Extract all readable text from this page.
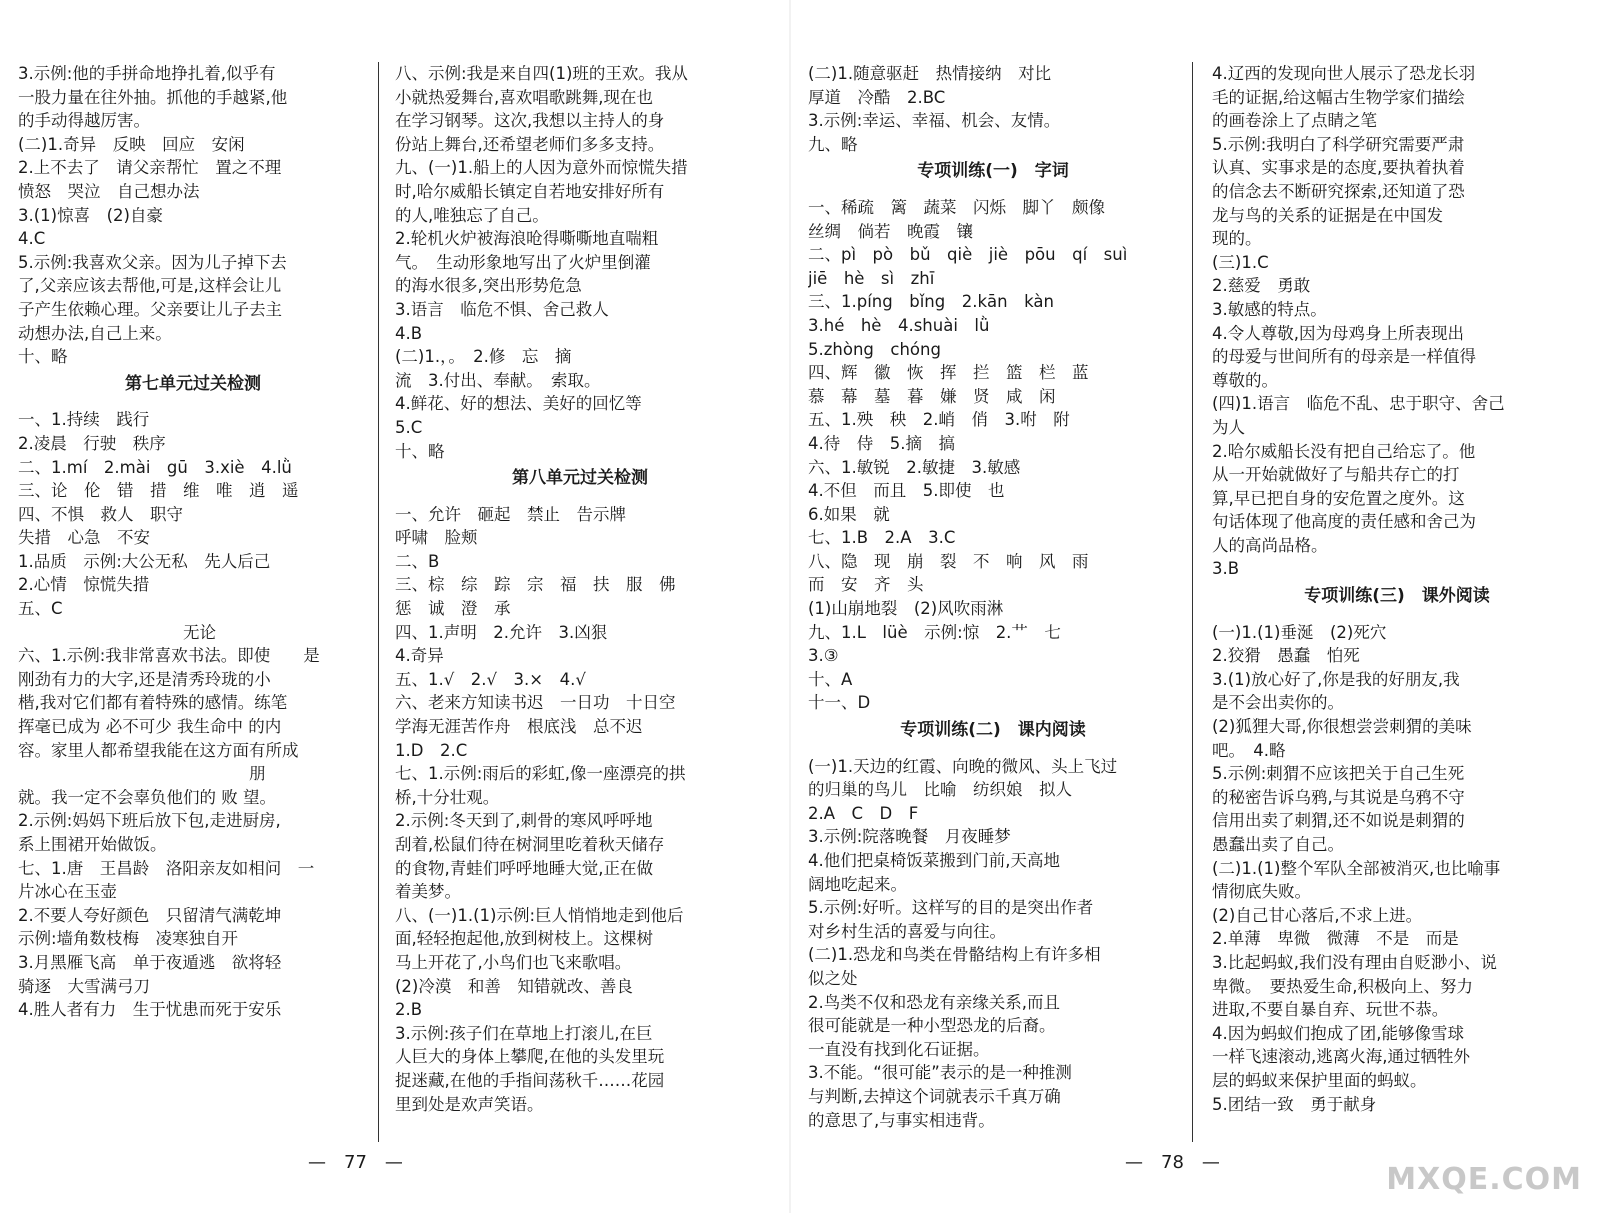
3.示例:他的手拼命地挣扎着,似乎有
一股力量在往外抽。抓他的手越紧,他
的手动得越厉害。
(二)1.奇异　反映　回应　安闲
2.上不去了　请父亲帮忙　置之不理
愤怒　哭泣　自己想办法
3.(1)惊喜　(2)自豪
4.C
5.示例:我喜欢父亲。因为儿子掉下去
了,父亲应该去帮他,可是,这样会让儿
子产生依赖心理。父亲要让儿子去主
动想办法,自己上来。
十、略
第七单元过关检测
一、1.持续　践行
2.凌晨　行驶　秩序
二、1.mí　2.mài　gū　3.xiè　4.lǜ
三、论　伦　错　措　维　唯　逍　遥
四、不惧　救人　职守
失措　心急　不安
1.品质　示例:大公无私　先人后己
2.心情　惊慌失措
五、C
　　　　　　　　　　无论
六、1.示例:我非常喜欢书法。即使　　是
刚劲有力的大字,还是清秀玲珑的小
楷,我对它们都有着特殊的感情。练笔
挥毫已成为 必不可少 我生命中 的内
容。家里人都希望我能在这方面有所成
　　　　　　　　　　　　　　朋
就。我一定不会辜负他们的 败 望。
2.示例:妈妈下班后放下包,走进厨房,
系上围裙开始做饭。
七、1.唐　王昌龄　洛阳亲友如相问　一
片冰心在玉壶
2.不要人夸好颜色　只留清气满乾坤
示例:墙角数枝梅　凌寒独自开
3.月黑雁飞高　单于夜遁逃　欲将轻
骑逐　大雪满弓刀
4.胜人者有力　生于忧患而死于安乐
八、示例:我是来自四(1)班的王欢。我从
小就热爱舞台,喜欢唱歌跳舞,现在也
在学习钢琴。这次,我想以主持人的身
份站上舞台,还希望老师们多多支持。
九、(一)1.船上的人因为意外而惊慌失措
时,哈尔威船长镇定自若地安排好所有
的人,唯独忘了自己。
2.轮机火炉被海浪呛得嘶嘶地直喘粗
气。　生动形象地写出了火炉里倒灌
的海水很多,突出形势危急
3.语言　临危不惧、舍己救人
4.B
(二)1.，。　2.修　忘　摘
流　3.付出、奉献。　索取。
4.鲜花、好的想法、美好的回忆等
5.C
十、略
第八单元过关检测
一、允许　砸起　禁止　告示牌
呼啸　脸颊
二、B
三、棕　综　踪　宗　福　扶　服　佛
惩　诚　澄　承
四、1.声明　2.允许　3.凶狠
4.奇异
五、1.√　2.√　3.×　4.√
六、老来方知读书迟　一日功　十日空
学海无涯苦作舟　根底浅　总不迟
1.D　2.C
七、1.示例:雨后的彩虹,像一座漂亮的拱
桥,十分壮观。
2.示例:冬天到了,刺骨的寒风呼呼地
刮着,松鼠们待在树洞里吃着秋天储存
的食物,青蛙们呼呼地睡大觉,正在做
着美梦。
八、(一)1.(1)示例:巨人悄悄地走到他后
面,轻轻抱起他,放到树枝上。这棵树
马上开花了,小鸟们也飞来歌唱。
(2)冷漠　和善　知错就改、善良
2.B
3.示例:孩子们在草地上打滚儿,在巨
人巨大的身体上攀爬,在他的头发里玩
捉迷藏,在他的手指间荡秋千……花园
里到处是欢声笑语。
(二)1.随意驱赶　热情接纳　对比
厚道　冷酷　2.BC
3.示例:幸运、幸福、机会、友情。
九、略
专项训练(一)　字词
一、稀疏　篱　蔬菜　闪烁　脚丫　颇像
丝绸　倘若　晚霞　镶
二、pì　pò　bǔ　qiè　jiè　pōu　qí　suì
jiē　hè　sì　zhī
三、1.píng　bǐng　2.kān　kàn
3.hé　hè　4.shuài　lǜ
5.zhòng　chóng
四、辉　徽　恢　挥　拦　篮　栏　蓝
慕　幕　墓　暮　嫌　贤　咸　闲
五、1.殃　秧　2.峭　俏　3.咐　附
4.待　侍　5.摘　搞
六、1.敏锐　2.敏捷　3.敏感
4.不但　而且　5.即使　也
6.如果　就
七、1.B　2.A　3.C
八、隐　现　崩　裂　不　响　风　雨
而　安　齐　头
(1)山崩地裂　(2)风吹雨淋
九、1.L　lüè　示例:惊　2.艹　七
3.③
十、A
十一、D
专项训练(二)　课内阅读
(一)1.天边的红霞、向晚的微风、头上飞过
的归巢的鸟儿　比喻　纺织娘　拟人
2.A　C　D　F
3.示例:院落晚餐　月夜睡梦
4.他们把桌椅饭菜搬到门前,天高地
阔地吃起来。
5.示例:好听。这样写的目的是突出作者
对乡村生活的喜爱与向往。
(二)1.恐龙和鸟类在骨骼结构上有许多相
似之处
2.鸟类不仅和恐龙有亲缘关系,而且
很可能就是一种小型恐龙的后裔。
一直没有找到化石证据。
3.不能。“很可能”表示的是一种推测
与判断,去掉这个词就表示千真万确
的意思了,与事实相违背。
4.辽西的发现向世人展示了恐龙长羽
毛的证据,给这幅古生物学家们描绘
的画卷涂上了点睛之笔
5.示例:我明白了科学研究需要严肃
认真、实事求是的态度,要执着执着
的信念去不断研究探索,还知道了恐
龙与鸟的关系的证据是在中国发
现的。
(三)1.C
2.慈爱　勇敢
3.敏感的特点。
4.令人尊敬,因为母鸡身上所表现出
的母爱与世间所有的母亲是一样值得
尊敬的。
(四)1.语言　临危不乱、忠于职守、舍己
为人
2.哈尔威船长没有把自己给忘了。他
从一开始就做好了与船共存亡的打
算,早已把自身的安危置之度外。这
句话体现了他高度的责任感和舍己为
人的高尚品格。
3.B
专项训练(三)　课外阅读
(一)1.(1)垂涎　(2)死穴
2.狡猾　愚蠢　怕死
3.(1)放心好了,你是我的好朋友,我
是不会出卖你的。
(2)狐狸大哥,你很想尝尝刺猬的美味
吧。　4.略
5.示例:刺猬不应该把关于自己生死
的秘密告诉乌鸦,与其说是乌鸦不守
信用出卖了刺猬,还不如说是刺猬的
愚蠢出卖了自己。
(二)1.(1)整个军队全部被消灭,也比喻事
情彻底失败。
(2)自己甘心落后,不求上进。
2.单薄　卑微　微薄　不是　而是
3.比起蚂蚁,我们没有理由自贬渺小、说
卑微。　要热爱生命,积极向上、努力
进取,不要自暴自弃、玩世不恭。
4.因为蚂蚁们抱成了团,能够像雪球
一样飞速滚动,逃离火海,通过牺牲外
层的蚂蚁来保护里面的蚂蚁。
5.团结一致　勇于献身
—　77　—	—　78　—	MXQE.COM
